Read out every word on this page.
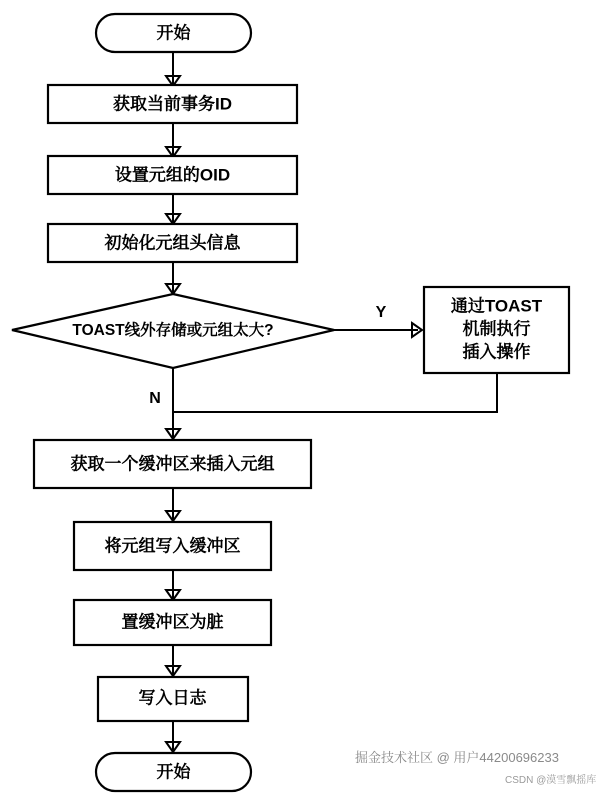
开始
获取当前事务ID
设置元组的OID
初始化元组头信息
TOAST线外存储或元组太大?
Y
N
通过TOAST
机制执行
插入操作
获取一个缓冲区来插入元组
将元组写入缓冲区
置缓冲区为脏
写入日志
开始
掘金技术社区 @ 用户44200696233
CSDN @漠雪飘摇库
